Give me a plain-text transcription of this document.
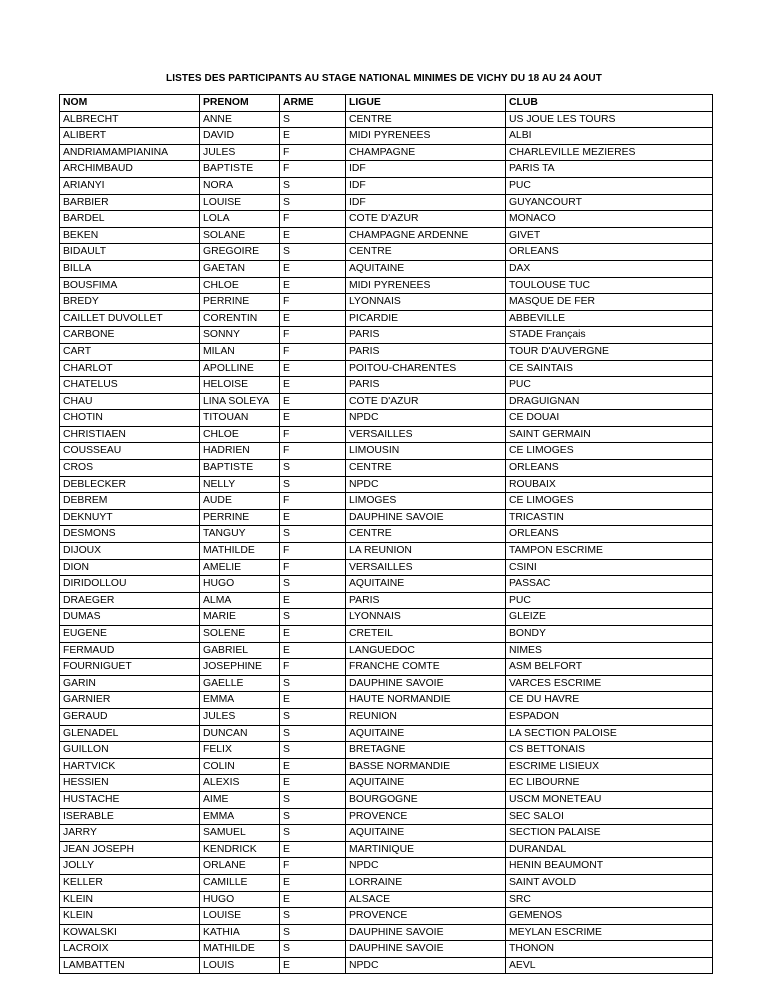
LISTES DES PARTICIPANTS AU STAGE NATIONAL MINIMES DE VICHY DU 18 AU 24 AOUT
NOM	PRENOM	ARME	LIGUE	CLUB
ALBRECHT	ANNE	S	CENTRE	US JOUE LES TOURS
ALIBERT	DAVID	E	MIDI PYRENEES	ALBI
ANDRIAMAMPIANINA	JULES	F	CHAMPAGNE	CHARLEVILLE MEZIERES
ARCHIMBAUD	BAPTISTE	F	IDF	PARIS TA
ARIANYI	NORA	S	IDF	PUC
BARBIER	LOUISE	S	IDF	GUYANCOURT
BARDEL	LOLA	F	COTE D'AZUR	MONACO
BEKEN	SOLANE	E	CHAMPAGNE ARDENNE	GIVET
BIDAULT	GREGOIRE	S	CENTRE	ORLEANS
BILLA	GAETAN	E	AQUITAINE	DAX
BOUSFIMA	CHLOE	E	MIDI PYRENEES	TOULOUSE TUC
BREDY	PERRINE	F	LYONNAIS	MASQUE DE FER
CAILLET DUVOLLET	CORENTIN	E	PICARDIE	ABBEVILLE
CARBONE	SONNY	F	PARIS	STADE Français
CART	MILAN	F	PARIS	TOUR D'AUVERGNE
CHARLOT	APOLLINE	E	POITOU-CHARENTES	CE SAINTAIS
CHATELUS	HELOISE	E	PARIS	PUC
CHAU	LINA SOLEYA	E	COTE D'AZUR	DRAGUIGNAN
CHOTIN	TITOUAN	E	NPDC	CE DOUAI
CHRISTIAEN	CHLOE	F	VERSAILLES	SAINT GERMAIN
COUSSEAU	HADRIEN	F	LIMOUSIN	CE LIMOGES
CROS	BAPTISTE	S	CENTRE	ORLEANS
DEBLECKER	NELLY	S	NPDC	ROUBAIX
DEBREM	AUDE	F	LIMOGES	CE LIMOGES
DEKNUYT	PERRINE	E	DAUPHINE SAVOIE	TRICASTIN
DESMONS	TANGUY	S	CENTRE	ORLEANS
DIJOUX	MATHILDE	F	LA REUNION	TAMPON ESCRIME
DION	AMELIE	F	VERSAILLES	CSINI
DIRIDOLLOU	HUGO	S	AQUITAINE	PASSAC
DRAEGER	ALMA	E	PARIS	PUC
DUMAS	MARIE	S	LYONNAIS	GLEIZE
EUGENE	SOLENE	E	CRETEIL	BONDY
FERMAUD	GABRIEL	E	LANGUEDOC	NIMES
FOURNIGUET	JOSEPHINE	F	FRANCHE COMTE	ASM BELFORT
GARIN	GAELLE	S	DAUPHINE SAVOIE	VARCES ESCRIME
GARNIER	EMMA	E	HAUTE NORMANDIE	CE DU HAVRE
GERAUD	JULES	S	REUNION	ESPADON
GLENADEL	DUNCAN	S	AQUITAINE	LA SECTION PALOISE
GUILLON	FELIX	S	BRETAGNE	CS BETTONAIS
HARTVICK	COLIN	E	BASSE NORMANDIE	ESCRIME LISIEUX
HESSIEN	ALEXIS	E	AQUITAINE	EC LIBOURNE
HUSTACHE	AIME	S	BOURGOGNE	USCM MONETEAU
ISERABLE	EMMA	S	PROVENCE	SEC SALOI
JARRY	SAMUEL	S	AQUITAINE	SECTION PALAISE
JEAN JOSEPH	KENDRICK	E	MARTINIQUE	DURANDAL
JOLLY	ORLANE	F	NPDC	HENIN BEAUMONT
KELLER	CAMILLE	E	LORRAINE	SAINT AVOLD
KLEIN	HUGO	E	ALSACE	SRC
KLEIN	LOUISE	S	PROVENCE	GEMENOS
KOWALSKI	KATHIA	S	DAUPHINE SAVOIE	MEYLAN ESCRIME
LACROIX	MATHILDE	S	DAUPHINE SAVOIE	THONON
LAMBATTEN	LOUIS	E	NPDC	AEVL
